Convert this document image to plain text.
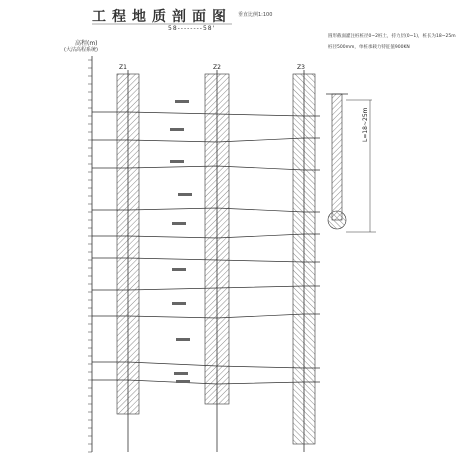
工程地质剖面图 垂直比例1:100
58--------58'
高程(m)
(大沽高程系统)
圆形截面灌注桩桩径0~2桩土，持力层(0~1)，桩长为18~25m
桩径500mm，单桩承载力特征值900KN
Z1	Z2	Z3
L=18~25m
